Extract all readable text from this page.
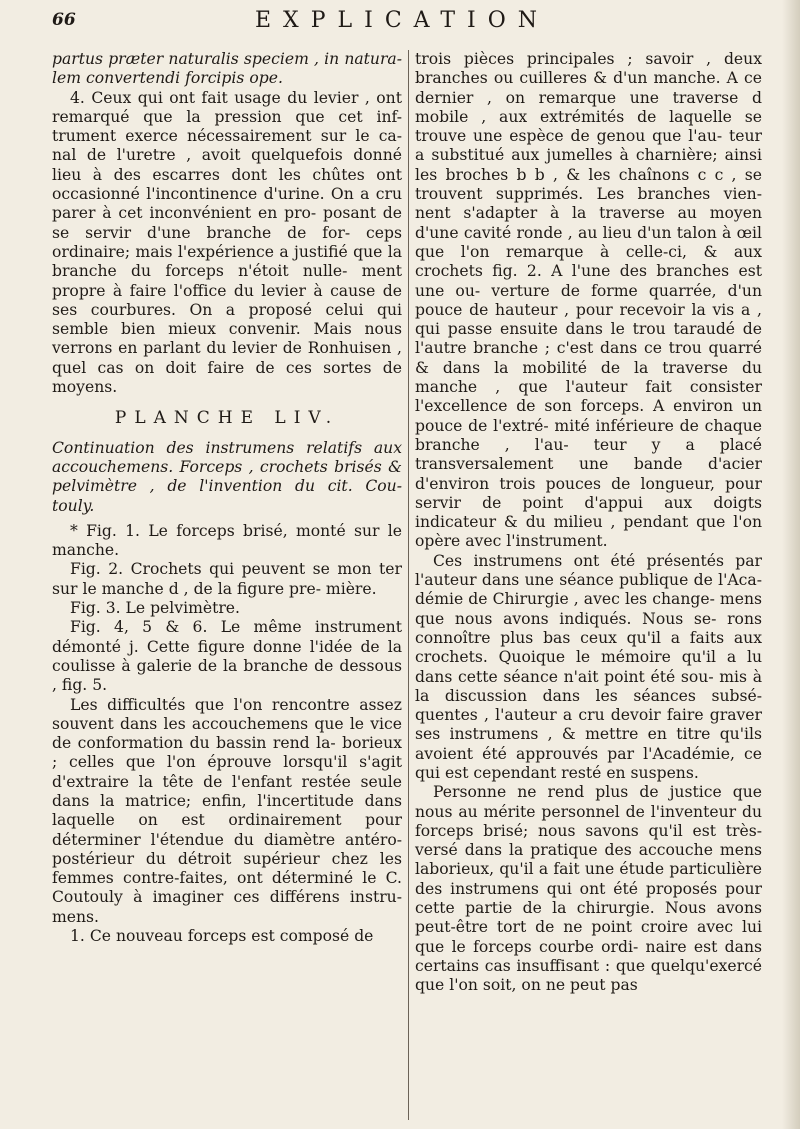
66	EXPLICATION

partus præter naturalis speciem , in natura- lem convertendi forcipis ope.

4. Ceux qui ont fait usage du levier , ont remarqué que la pression que cet inf- trument exerce nécessairement sur le ca- nal de l'uretre , avoit quelquefois donné lieu à des escarres dont les chûtes ont occasionné l'incontinence d'urine. On a cru parer à cet inconvénient en pro- posant de se servir d'une branche de for- ceps ordinaire; mais l'expérience a justifié que la branche du forceps n'étoit nulle- ment propre à faire l'office du levier à cause de ses courbures. On a proposé celui qui semble bien mieux convenir. Mais nous verrons en parlant du levier de Ronhuisen , quel cas on doit faire de ces sortes de moyens.

PLANCHE LIV.

Continuation des instrumens relatifs aux accouchemens. Forceps , crochets brisés & pelvimètre , de l'invention du cit. Cou- touly.

* Fig. 1. Le forceps brisé, monté sur le manche.

Fig. 2. Crochets qui peuvent se mon ter sur le manche d , de la figure pre- mière.

Fig. 3. Le pelvimètre.

Fig. 4, 5 & 6. Le même instrument démonté j. Cette figure donne l'idée de la coulisse à galerie de la branche de dessous , fig. 5.

Les difficultés que l'on rencontre assez souvent dans les accouchemens que le vice de conformation du bassin rend la- borieux ; celles que l'on éprouve lorsqu'il s'agit d'extraire la tête de l'enfant restée seule dans la matrice; enfin, l'incertitude dans laquelle on est ordinairement pour déterminer l'étendue du diamètre antéro- postérieur du détroit supérieur chez les femmes contre-faites, ont déterminé le C. Coutouly à imaginer ces différens instru- mens.

1. Ce nouveau forceps est composé de

trois pièces principales ; savoir , deux branches ou cuilleres & d'un manche. A ce dernier , on remarque une traverse d mobile , aux extrémités de laquelle se trouve une espèce de genou que l'au- teur a substitué aux jumelles à charnière; ainsi les broches b b , & les chaînons c c , se trouvent supprimés. Les branches vien- nent s'adapter à la traverse au moyen d'une cavité ronde , au lieu d'un talon à œil que l'on remarque à celle-ci, & aux crochets fig. 2. A l'une des branches est une ou- verture de forme quarrée, d'un pouce de hauteur , pour recevoir la vis a , qui passe ensuite dans le trou taraudé de l'autre branche ; c'est dans ce trou quarré & dans la mobilité de la traverse du manche , que l'auteur fait consister l'excellence de son forceps. A environ un pouce de l'extré- mité inférieure de chaque branche , l'au- teur y a placé transversalement une bande d'acier d'environ trois pouces de longueur, pour servir de point d'appui aux doigts indicateur & du milieu , pendant que l'on opère avec l'instrument.

Ces instrumens ont été présentés par l'auteur dans une séance publique de l'Aca- démie de Chirurgie , avec les change- mens que nous avons indiqués. Nous se- rons connoître plus bas ceux qu'il a faits aux crochets. Quoique le mémoire qu'il a lu dans cette séance n'ait point été sou- mis à la discussion dans les séances subsé- quentes , l'auteur a cru devoir faire graver ses instrumens , & mettre en titre qu'ils avoient été approuvés par l'Académie, ce qui est cependant resté en suspens.

Personne ne rend plus de justice que nous au mérite personnel de l'inventeur du forceps brisé; nous savons qu'il est très-versé dans la pratique des accouche mens laborieux, qu'il a fait une étude particulière des instrumens qui ont été proposés pour cette partie de la chirurgie. Nous avons peut-être tort de ne point croire avec lui que le forceps courbe ordi- naire est dans certains cas insuffisant : que quelqu'exercé que l'on soit, on ne peut pas
